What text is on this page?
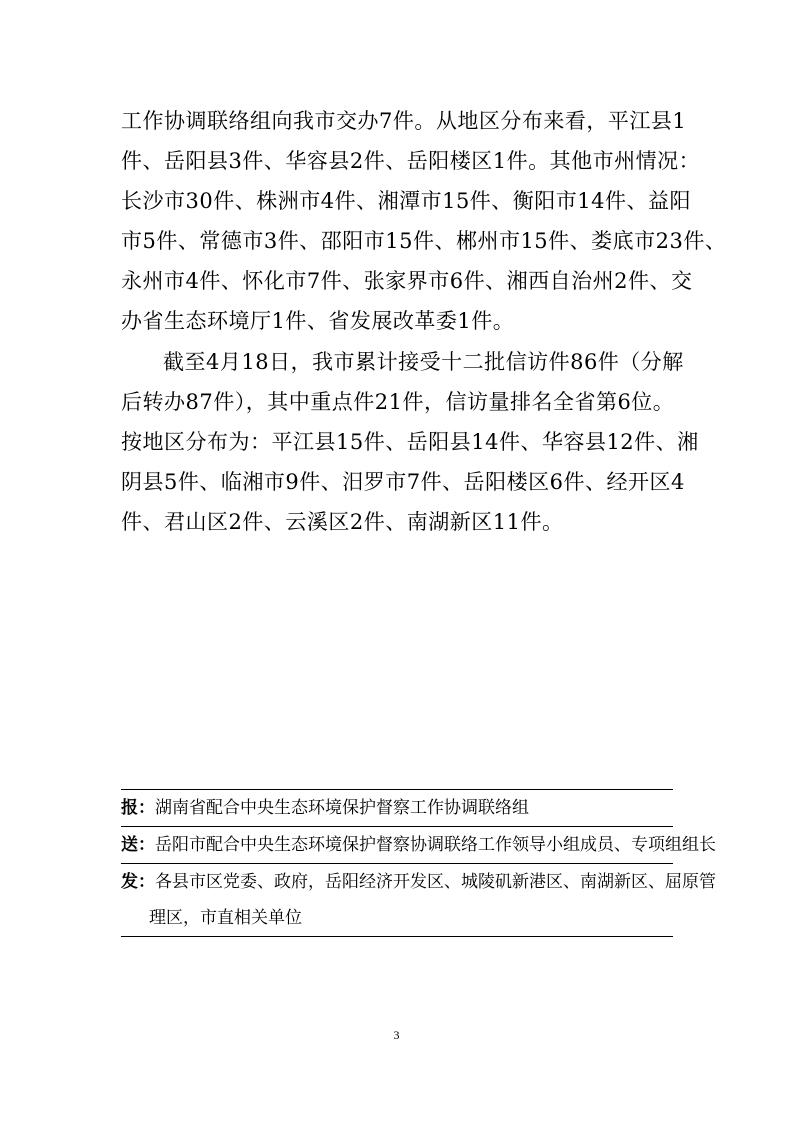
工作协调联络组向我市交办7件。从地区分布来看，平江县1
件、岳阳县3件、华容县2件、岳阳楼区1件。其他市州情况：
长沙市30件、株洲市4件、湘潭市15件、衡阳市14件、益阳
市5件、常德市3件、邵阳市15件、郴州市15件、娄底市23件、
永州市4件、怀化市7件、张家界市6件、湘西自治州2件、交
办省生态环境厅1件、省发展改革委1件。
截至4月18日，我市累计接受十二批信访件86件（分解
后转办87件），其中重点件21件，信访量排名全省第6位。
按地区分布为：平江县15件、岳阳县14件、华容县12件、湘
阴县5件、临湘市9件、汨罗市7件、岳阳楼区6件、经开区4
件、君山区2件、云溪区2件、南湖新区11件。
报：湖南省配合中央生态环境保护督察工作协调联络组
送：岳阳市配合中央生态环境保护督察协调联络工作领导小组成员、专项组组长
发：各县市区党委、政府，岳阳经济开发区、城陵矶新港区、南湖新区、屈原管
理区，市直相关单位
3
